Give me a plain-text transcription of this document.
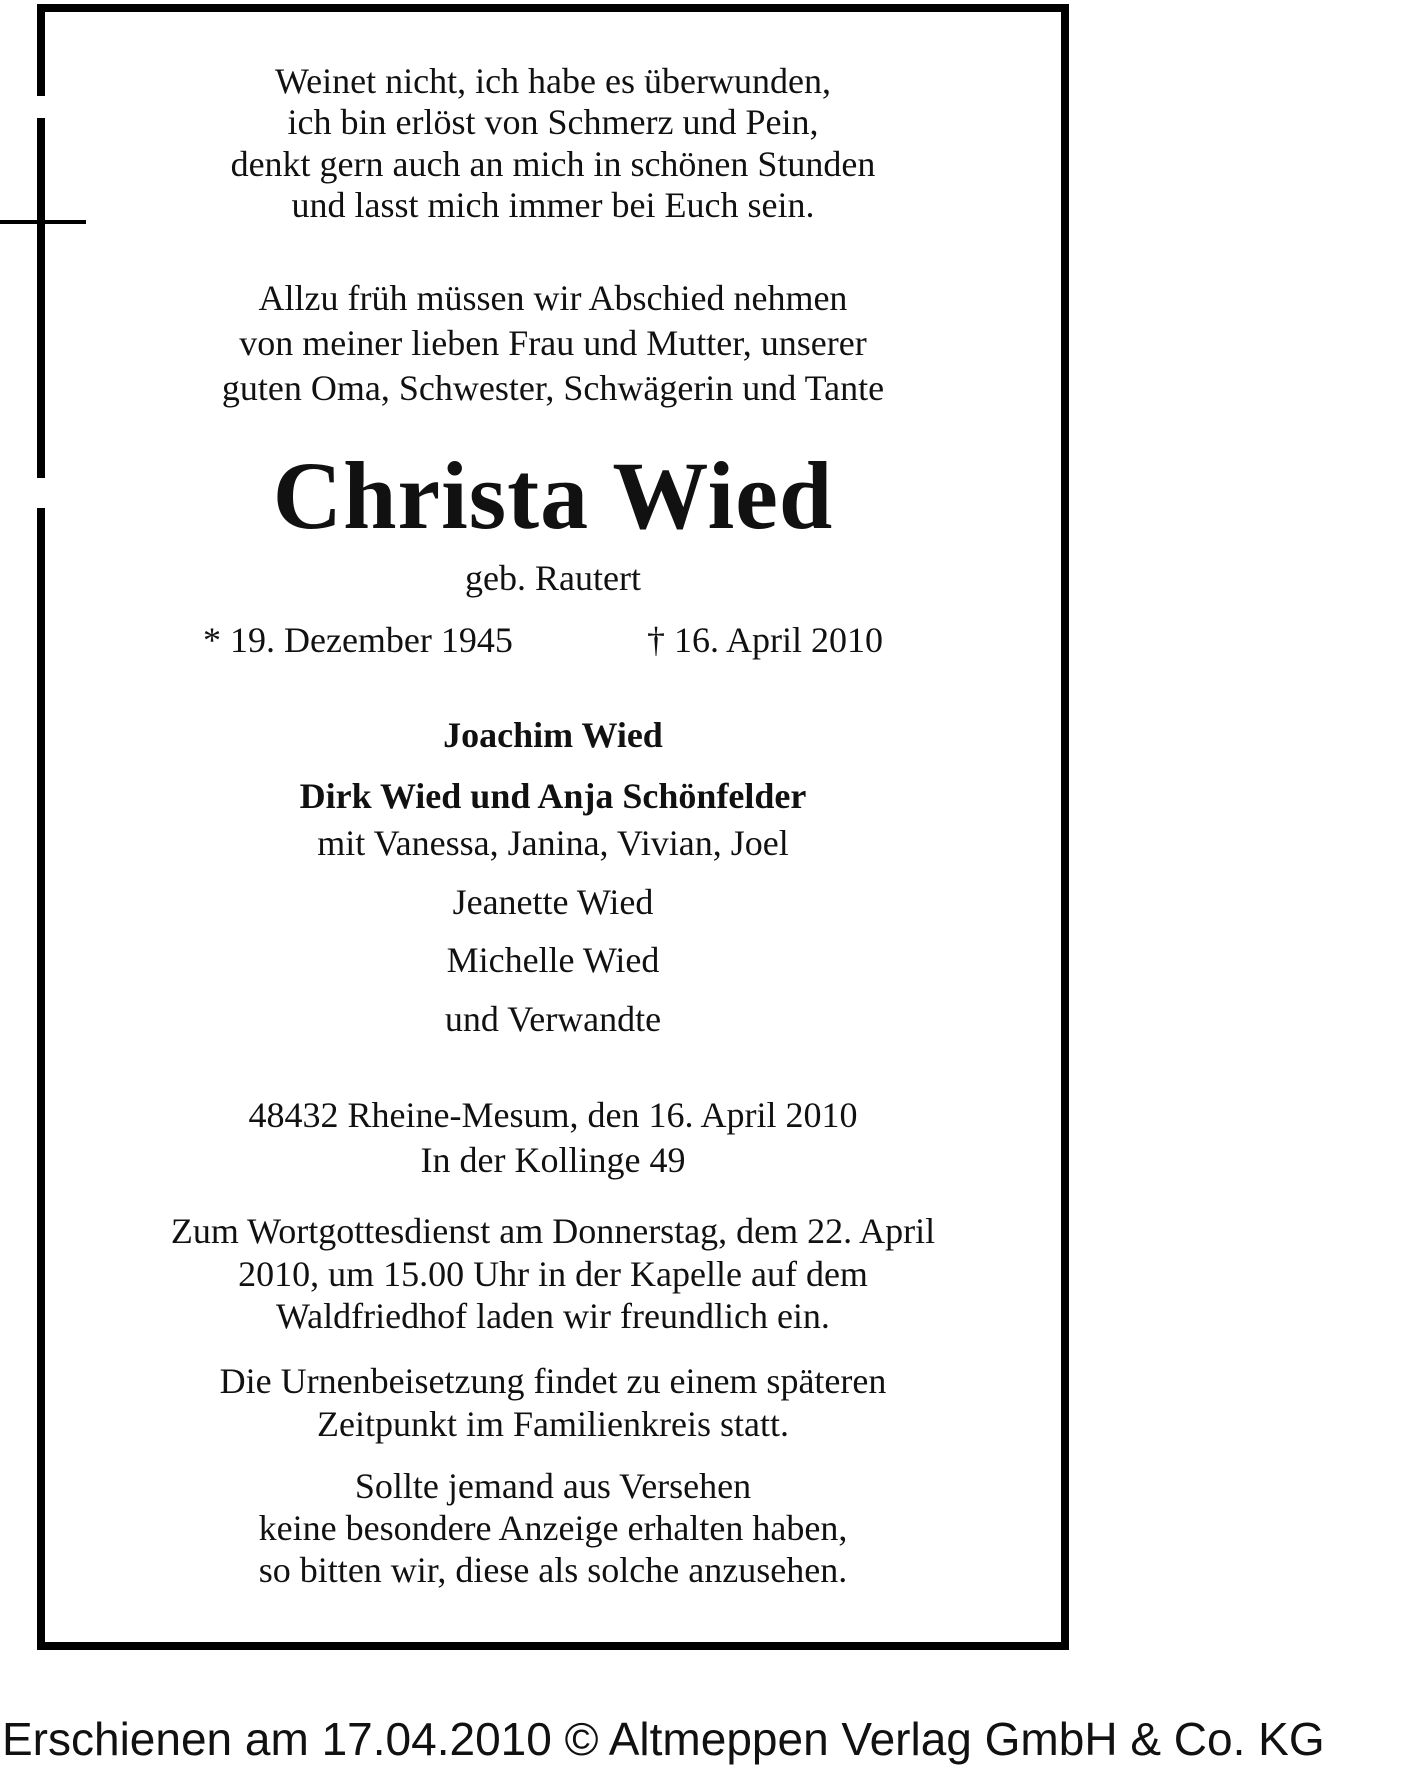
Weinet nicht, ich habe es überwunden,
ich bin erlöst von Schmerz und Pein,
denkt gern auch an mich in schönen Stunden
und lasst mich immer bei Euch sein.
Allzu früh müssen wir Abschied nehmen
von meiner lieben Frau und Mutter, unserer
guten Oma, Schwester, Schwägerin und Tante
Christa Wied
geb. Rautert
* 19. Dezember 1945	† 16. April 2010
Joachim Wied
Dirk Wied und Anja Schönfelder
mit Vanessa, Janina, Vivian, Joel
Jeanette Wied
Michelle Wied
und Verwandte
48432 Rheine-Mesum, den 16. April 2010
In der Kollinge 49
Zum Wortgottesdienst am Donnerstag, dem 22. April
2010, um 15.00 Uhr in der Kapelle auf dem
Waldfriedhof laden wir freundlich ein.
Die Urnenbeisetzung findet zu einem späteren
Zeitpunkt im Familienkreis statt.
Sollte jemand aus Versehen
keine besondere Anzeige erhalten haben,
so bitten wir, diese als solche anzusehen.
Erschienen am 17.04.2010 © Altmeppen Verlag GmbH & Co. KG
